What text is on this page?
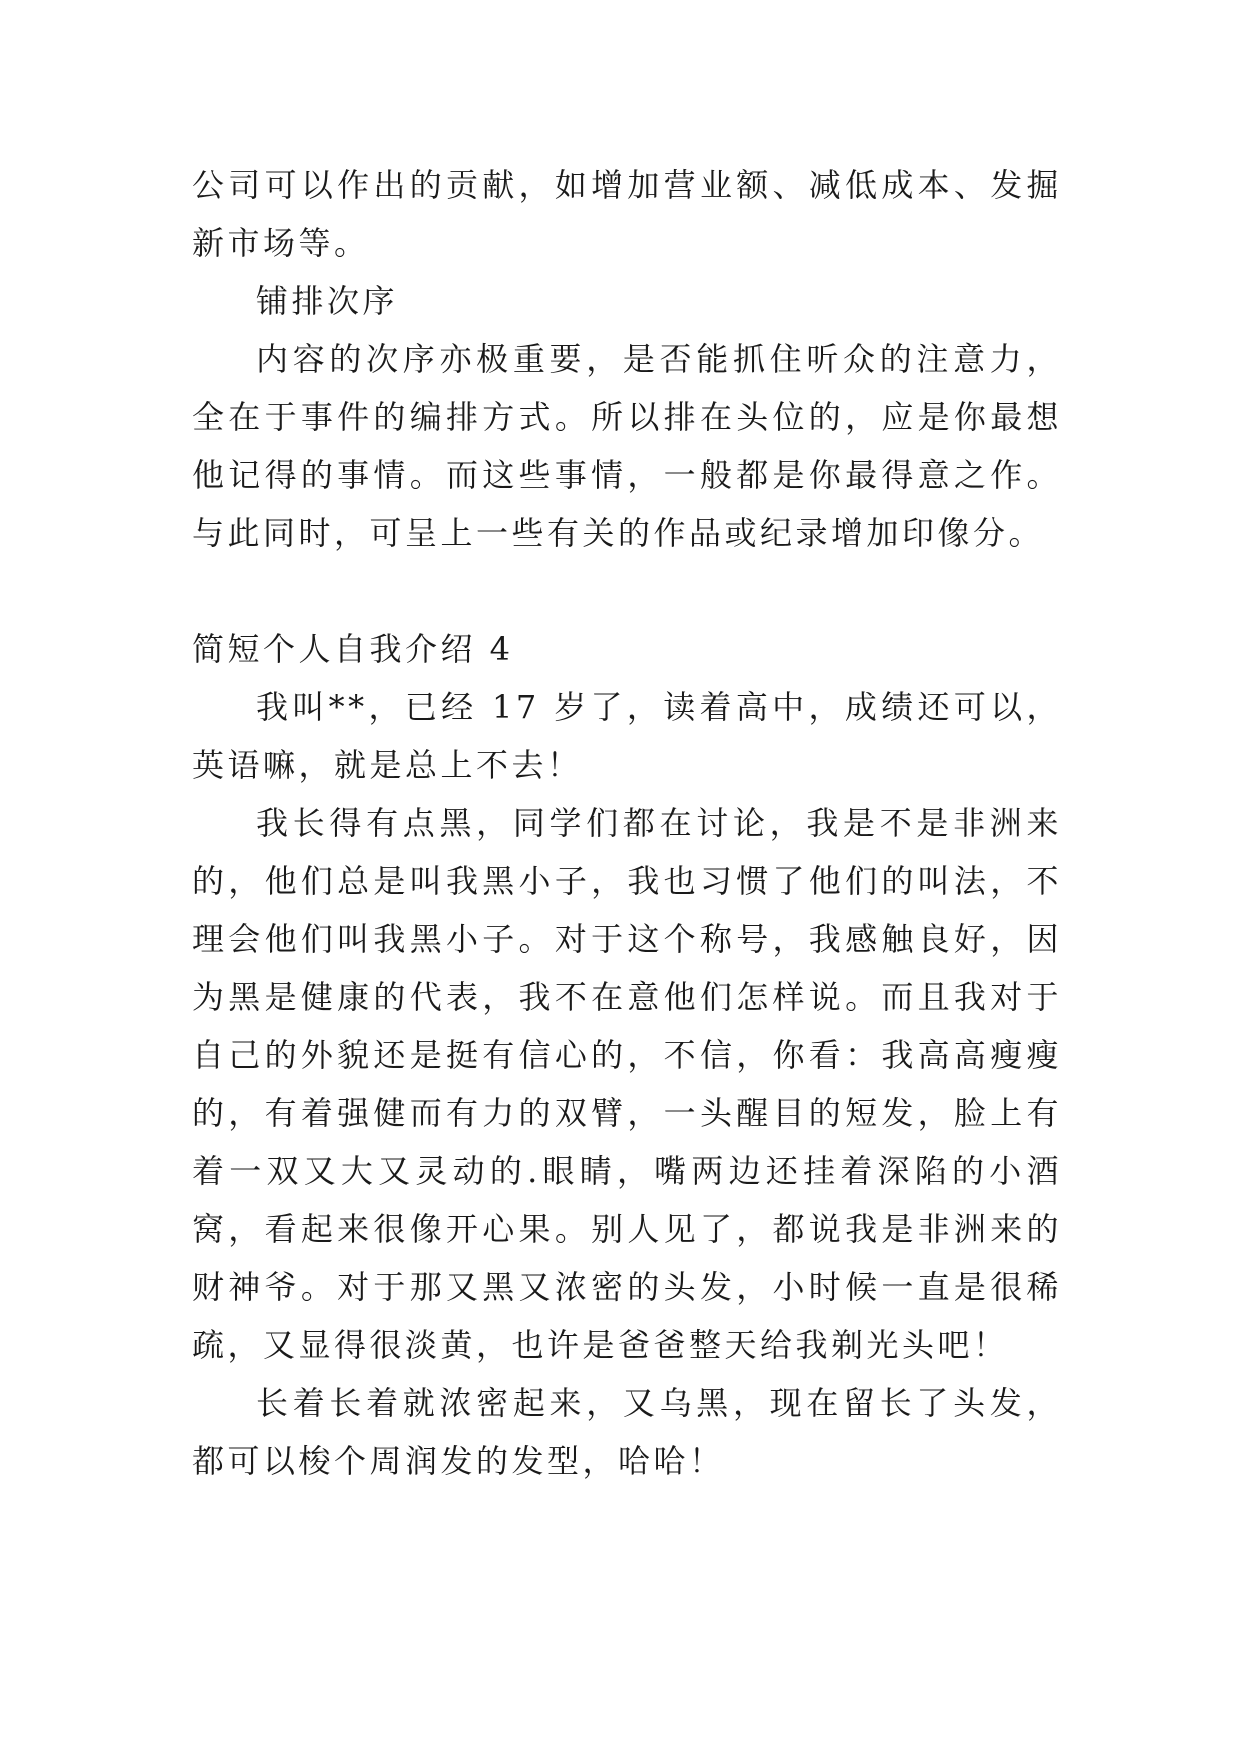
公司可以作出的贡献，如增加营业额、减低成本、发掘新市场等。

铺排次序

内容的次序亦极重要，是否能抓住听众的注意力，全在于事件的编排方式。所以排在头位的，应是你最想他记得的事情。而这些事情，一般都是你最得意之作。与此同时，可呈上一些有关的作品或纪录增加印像分。

简短个人自我介绍 4

我叫**，已经 17 岁了，读着高中，成绩还可以，英语嘛，就是总上不去！

我长得有点黑，同学们都在讨论，我是不是非洲来的，他们总是叫我黑小子，我也习惯了他们的叫法，不理会他们叫我黑小子。对于这个称号，我感触良好，因为黑是健康的代表，我不在意他们怎样说。而且我对于自己的外貌还是挺有信心的，不信，你看：我高高瘦瘦的，有着强健而有力的双臂，一头醒目的短发，脸上有着一双又大又灵动的.眼睛，嘴两边还挂着深陷的小酒窝，看起来很像开心果。别人见了，都说我是非洲来的财神爷。对于那又黑又浓密的头发，小时候一直是很稀疏，又显得很淡黄，也许是爸爸整天给我剃光头吧！

长着长着就浓密起来，又乌黑，现在留长了头发，都可以梭个周润发的发型，哈哈！
